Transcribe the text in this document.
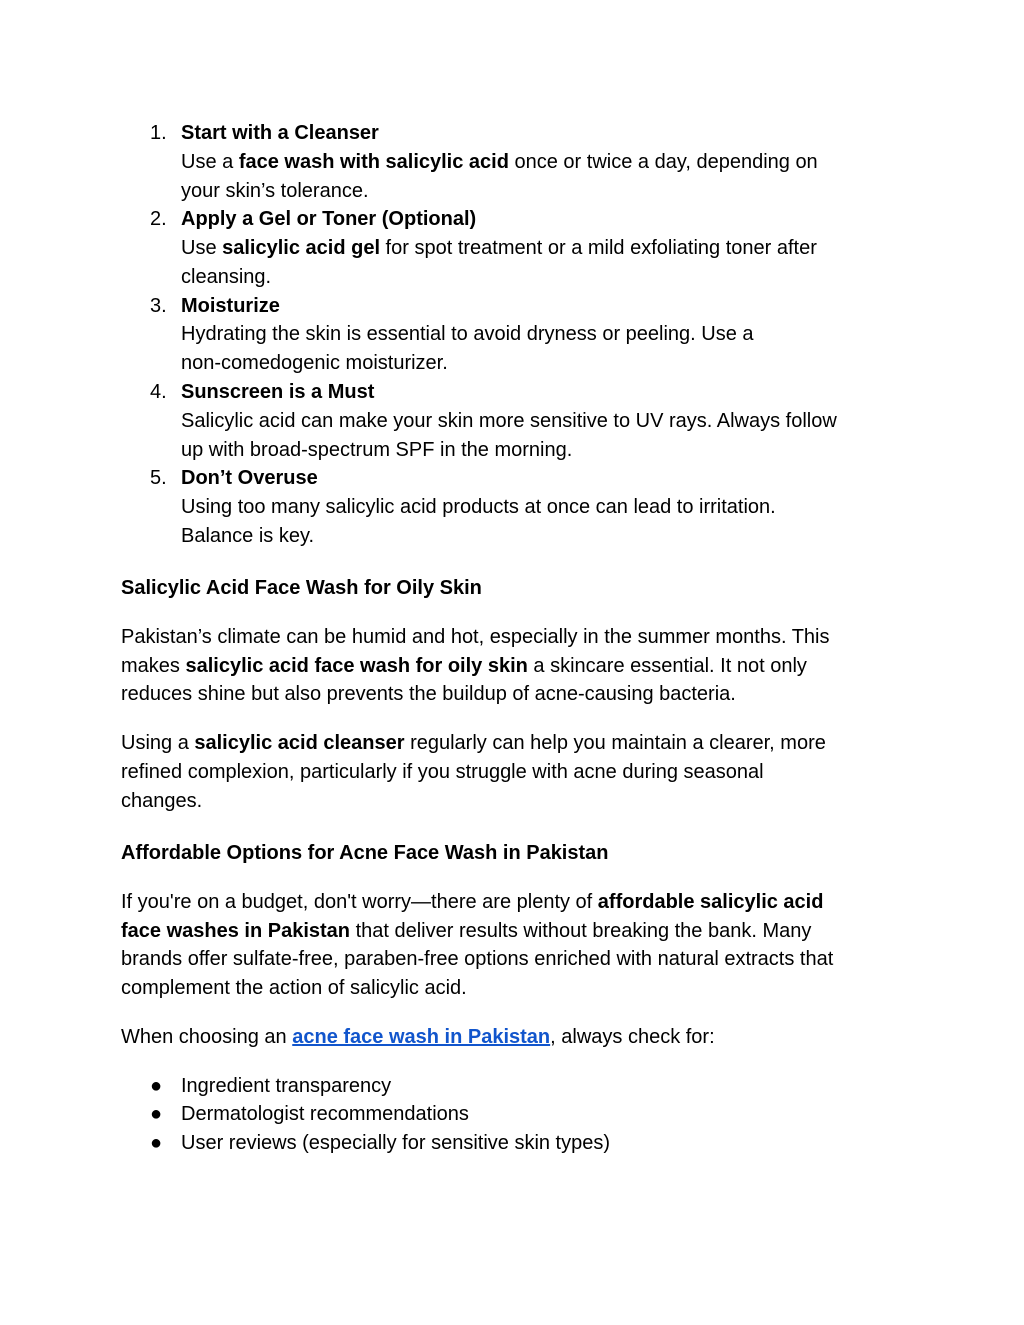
1. Start with a Cleanser
Use a face wash with salicylic acid once or twice a day, depending on
your skin’s tolerance.
2. Apply a Gel or Toner (Optional)
Use salicylic acid gel for spot treatment or a mild exfoliating toner after
cleansing.
3. Moisturize
Hydrating the skin is essential to avoid dryness or peeling. Use a
non-comedogenic moisturizer.
4. Sunscreen is a Must
Salicylic acid can make your skin more sensitive to UV rays. Always follow
up with broad-spectrum SPF in the morning.
5. Don’t Overuse
Using too many salicylic acid products at once can lead to irritation.
Balance is key.
Salicylic Acid Face Wash for Oily Skin
Pakistan’s climate can be humid and hot, especially in the summer months. This
makes salicylic acid face wash for oily skin a skincare essential. It not only
reduces shine but also prevents the buildup of acne-causing bacteria.
Using a salicylic acid cleanser regularly can help you maintain a clearer, more
refined complexion, particularly if you struggle with acne during seasonal
changes.
Affordable Options for Acne Face Wash in Pakistan
If you're on a budget, don't worry—there are plenty of affordable salicylic acid
face washes in Pakistan that deliver results without breaking the bank. Many
brands offer sulfate-free, paraben-free options enriched with natural extracts that
complement the action of salicylic acid.
When choosing an acne face wash in Pakistan, always check for:
● Ingredient transparency
● Dermatologist recommendations
● User reviews (especially for sensitive skin types)
